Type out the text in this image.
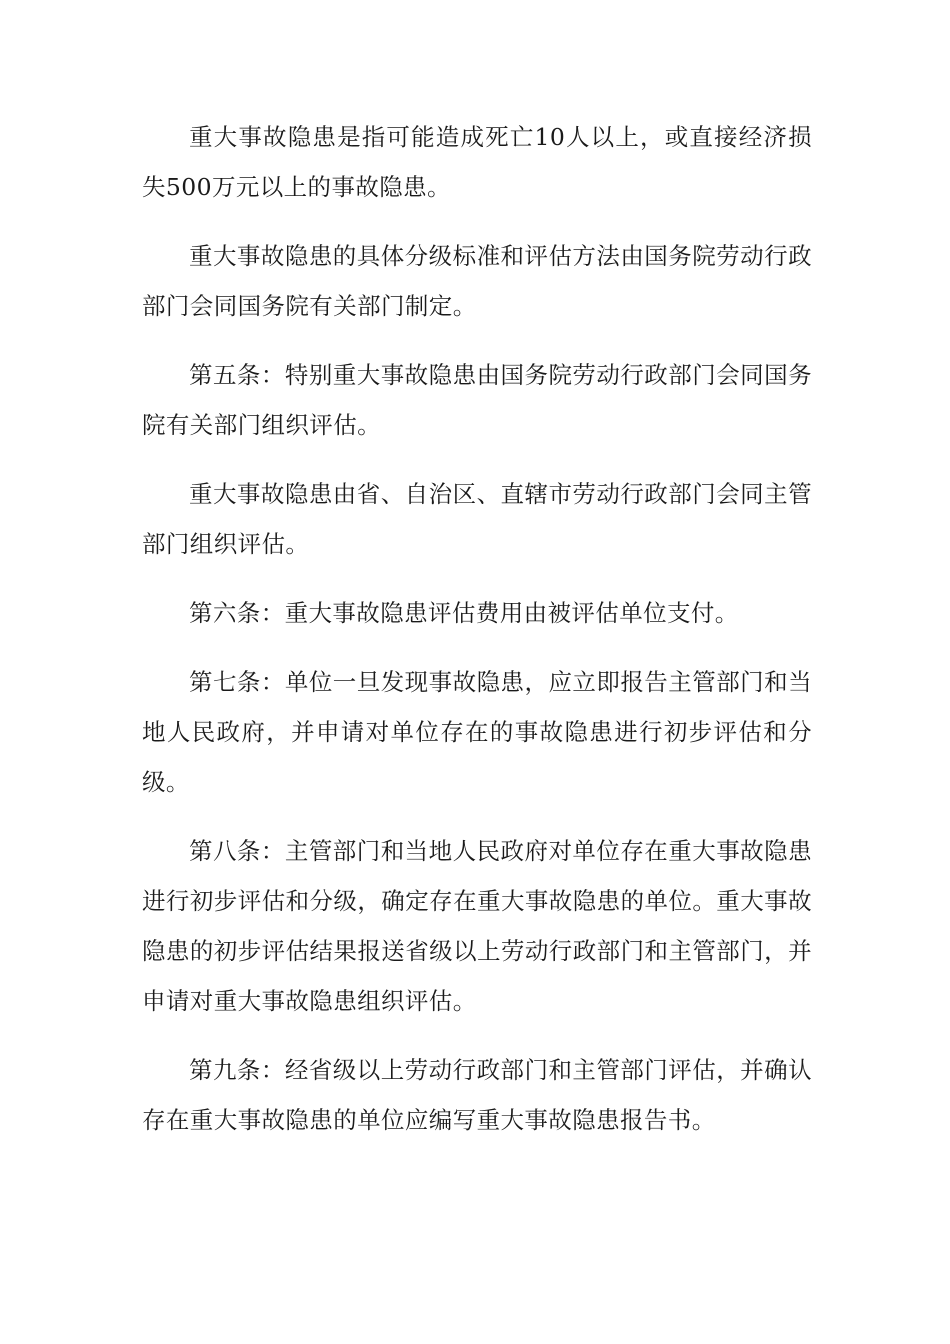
重大事故隐患是指可能造成死亡10人以上，或直接经济损失500万元以上的事故隐患。

重大事故隐患的具体分级标准和评估方法由国务院劳动行政部门会同国务院有关部门制定。

第五条：特别重大事故隐患由国务院劳动行政部门会同国务院有关部门组织评估。

重大事故隐患由省、自治区、直辖市劳动行政部门会同主管部门组织评估。

第六条：重大事故隐患评估费用由被评估单位支付。

第七条：单位一旦发现事故隐患，应立即报告主管部门和当地人民政府，并申请对单位存在的事故隐患进行初步评估和分级。

第八条：主管部门和当地人民政府对单位存在重大事故隐患进行初步评估和分级，确定存在重大事故隐患的单位。重大事故隐患的初步评估结果报送省级以上劳动行政部门和主管部门，并申请对重大事故隐患组织评估。

第九条：经省级以上劳动行政部门和主管部门评估，并确认存在重大事故隐患的单位应编写重大事故隐患报告书。
